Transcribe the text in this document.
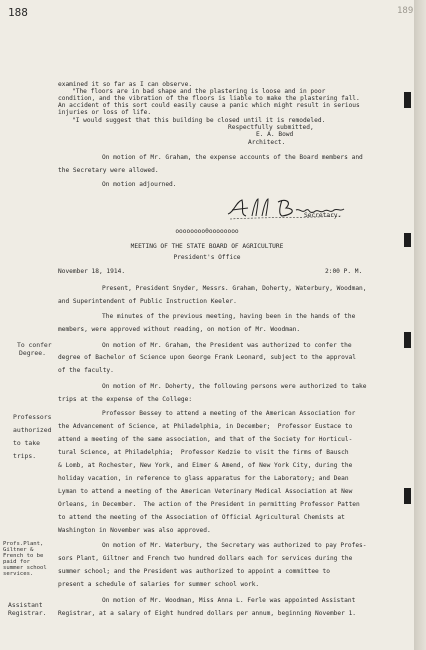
188	189
examined it so far as I can observe.
"The floors are in bad shape and the plastering is loose and in poor
condition, and the vibration of the floors is liable to make the plastering fall.
An accident of this sort could easily cause a panic which might result in serious
injuries or loss of life.
"I would suggest that this building be closed until it is remodeled.
Respectfully submitted,
E. A. Bowd
Architect.
On motion of Mr. Graham, the expense accounts of the Board members and
the Secretary were allowed.
On motion adjourned.
Secretary.
oooooooo0oooooooo
MEETING OF THE STATE BOARD OF AGRICULTURE
President's Office
November 18, 1914.	2:00 P. M.
Present, President Snyder, Messrs. Graham, Doherty, Waterbury, Woodman,
and Superintendent of Public Instruction Keeler.
The minutes of the previous meeting, having been in the hands of the
members, were approved without reading, on motion of Mr. Woodman.
To confer
Degree.
On motion of Mr. Graham, the President was authorized to confer the
degree of Bachelor of Science upon George Frank Leonard, subject to the approval
of the faculty.
On motion of Mr. Doherty, the following persons were authorized to take
trips at the expense of the College:
Professors
authorized
to take
trips.
Professor Bessey to attend a meeting of the American Association for
the Advancement of Science, at Philadelphia, in December;  Professor Eustace to
attend a meeting of the same association, and that of the Society for Horticul-
tural Science, at Philadelphia;  Professor Kedzie to visit the firms of Bausch
& Lomb, at Rochester, New York, and Eimer & Amend, of New York City, during the
holiday vacation, in reference to glass apparatus for the Laboratory; and Dean
Lyman to attend a meeting of the American Veterinary Medical Association at New
Orleans, in December.  The action of the President in permitting Professor Patten
to attend the meeting of the Association of Official Agricultural Chemists at
Washington in November was also approved.
Profs.Plant,
Giltner &
French to be
paid for
summer school
services.
On motion of Mr. Waterbury, the Secretary was authorized to pay Profes-
sors Plant, Giltner and French two hundred dollars each for services during the
summer school; and the President was authorized to appoint a committee to
present a schedule of salaries for summer school work.
Assistant
Registrar.
On motion of Mr. Woodman, Miss Anna L. Ferle was appointed Assistant
Registrar, at a salary of Eight hundred dollars per annum, beginning November 1.
